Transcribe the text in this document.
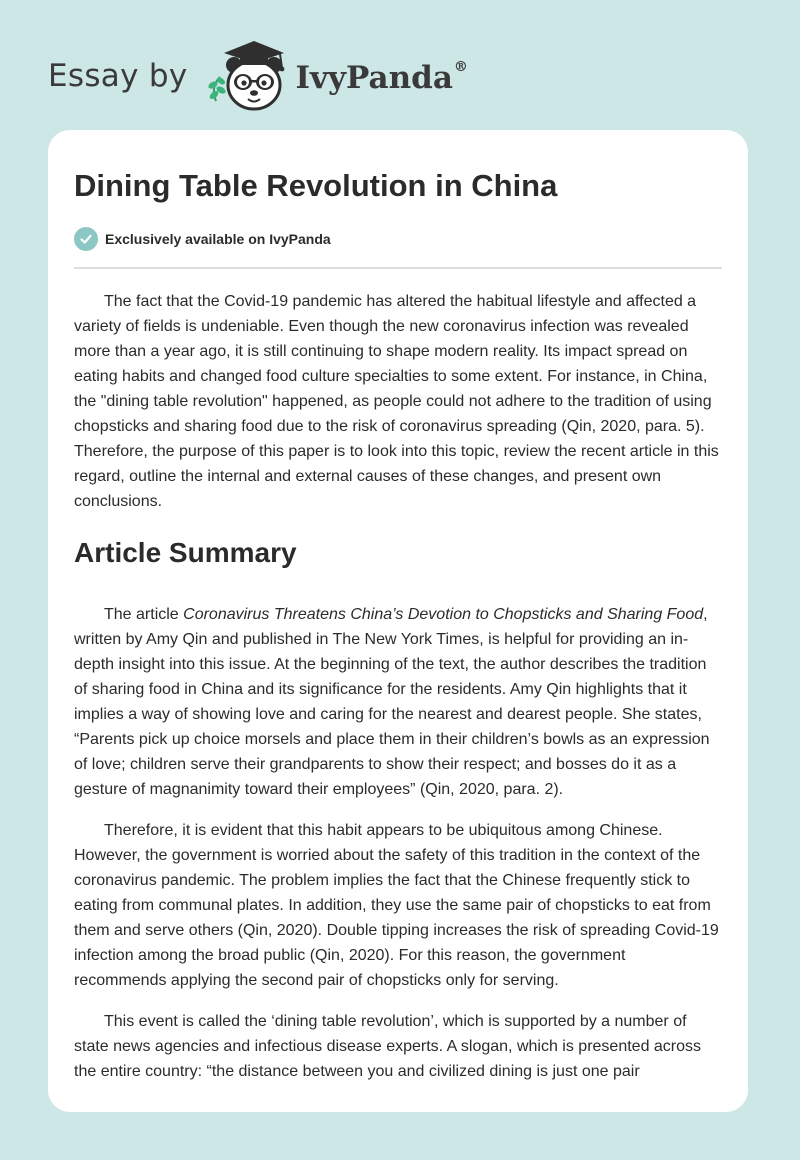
Essay by	IvyPanda®
Dining Table Revolution in China
Exclusively available on IvyPanda

The fact that the Covid-19 pandemic has altered the habitual lifestyle and affected a variety of fields is undeniable. Even though the new coronavirus infection was revealed more than a year ago, it is still continuing to shape modern reality. Its impact spread on eating habits and changed food culture specialties to some extent. For instance, in China, the "dining table revolution" happened, as people could not adhere to the tradition of using chopsticks and sharing food due to the risk of coronavirus spreading (Qin, 2020, para. 5). Therefore, the purpose of this paper is to look into this topic, review the recent article in this regard, outline the internal and external causes of these changes, and present own conclusions.

Article Summary

The article Coronavirus Threatens China’s Devotion to Chopsticks and Sharing Food, written by Amy Qin and published in The New York Times, is helpful for providing an in-depth insight into this issue. At the beginning of the text, the author describes the tradition of sharing food in China and its significance for the residents. Amy Qin highlights that it implies a way of showing love and caring for the nearest and dearest people. She states, “Parents pick up choice morsels and place them in their children’s bowls as an expression of love; children serve their grandparents to show their respect; and bosses do it as a gesture of magnanimity toward their employees” (Qin, 2020, para. 2).

Therefore, it is evident that this habit appears to be ubiquitous among Chinese. However, the government is worried about the safety of this tradition in the context of the coronavirus pandemic. The problem implies the fact that the Chinese frequently stick to eating from communal plates. In addition, they use the same pair of chopsticks to eat from them and serve others (Qin, 2020). Double tipping increases the risk of spreading Covid-19 infection among the broad public (Qin, 2020). For this reason, the government recommends applying the second pair of chopsticks only for serving.

This event is called the ‘dining table revolution’, which is supported by a number of state news agencies and infectious disease experts. A slogan, which is presented across the entire country: “the distance between you and civilized dining is just one pair
